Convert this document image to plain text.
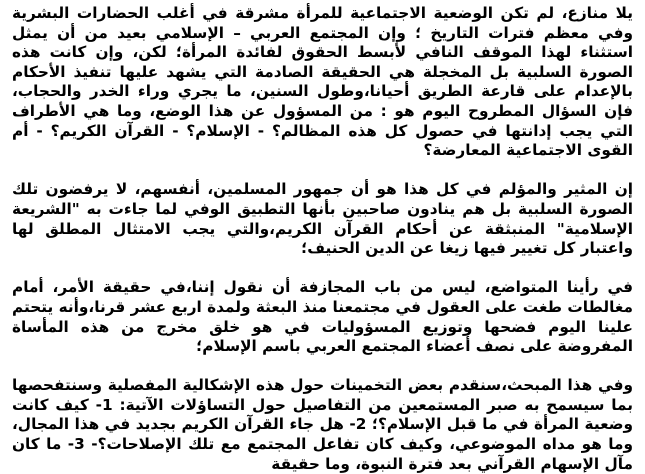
يلا منازع، لم تكن الوضعية الاجتماعية للمرأة مشرقة في أغلب الحضارات البشرية وفي معظم فترات التاريخ ؛ وإن المجتمع العربي – الإسلامي بعيد من أن يمثل استثناء لهذا الموقف النافي لأبسط الحقوق لفائدة المرأة؛ لكن، وإن كانت هذه الصورة السلبية بل المخجلة هي الحقيقة الصادمة التي يشهد عليها تنفيذ الأحكام بالإعدام على قارعة الطريق أحيانا،وطول السنين، ما يجري وراء الخدر والحجاب، فإن السؤال المطروح اليوم هو : من المسؤول عن هذا الوضع، وما هي الأطراف التي يجب إدانتها في حصول كل هذه المظالم؟ - الإسلام؟ - القرآن الكريم؟ - أم القوى الاجتماعية المعارضة؟

إن المثير والمؤلم في كل هذا هو أن جمهور المسلمين، أنفسهم، لا يرفضون تلك الصورة السلبية بل هم ينادون صاحبين بأنها التطبيق الوفي لما جاءت به "الشريعة الإسلامية" المنبثقة عن أحكام القرآن الكريم،والتي يجب الامتثال المطلق لها واعتبار كل تغيير فيها زيغا عن الدين الحنيف؛

في رأينا المتواضع، ليس من باب المجازفة أن نقول إننا،في حقيقة الأمر، أمام مغالطات طغت على العقول في مجتمعنا منذ البعثة ولمدة اربع عشر قرنا،وأنه يتحتم علينا اليوم فضحها وتوزيع المسؤوليات في هو خلق مخرج من هذه المأساة المفروضة على نصف أعضاء المجتمع العربي باسم الإسلام؛

وفي هذا المبحث،سنقدم بعض التخمينات حول هذه الإشكالية المفصلية وسنتفحصها بما سيسمح به صبر المستمعين من التفاصيل حول التساؤلات الآتية: 1- كيف كانت وضعية المرأة في ما قبل الإسلام؟؛ 2- هل جاء القرآن الكريم بجديد في هذا المجال، وما هو مداه الموضوعي، وكيف كان تفاعل المجتمع مع تلك الإصلاحات؟- 3- ما كان مآل الإسهام القرآني بعد فترة النبوة، وما حقيقة
